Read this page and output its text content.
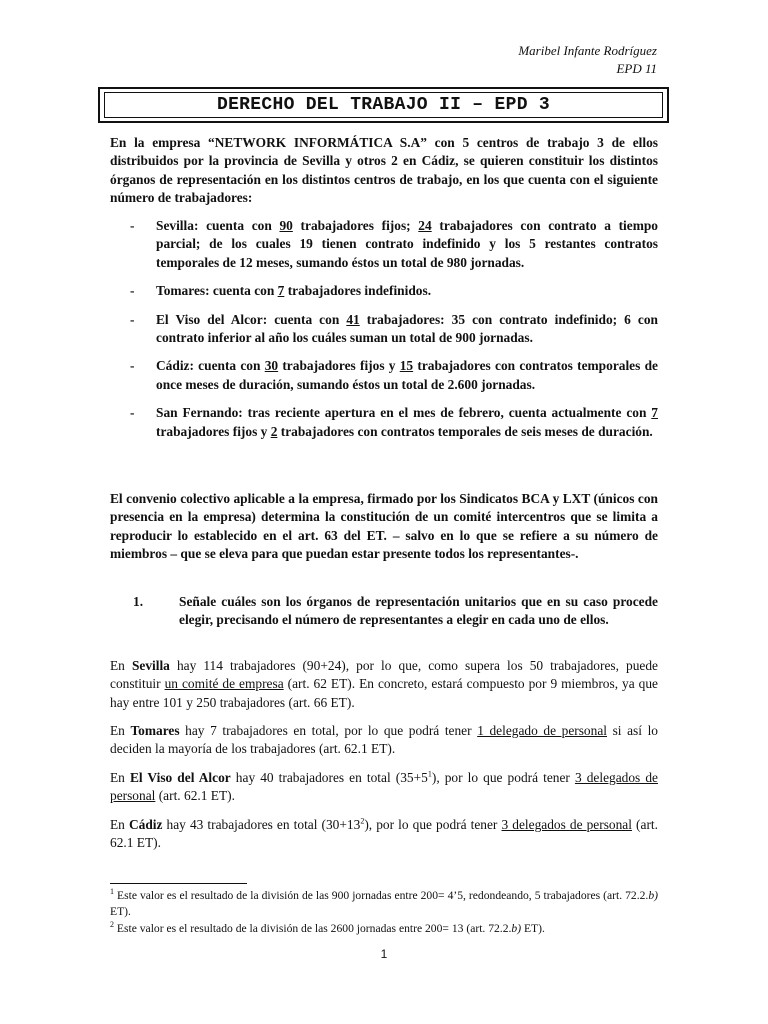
Maribel Infante Rodríguez
EPD 11
DERECHO DEL TRABAJO II – EPD 3
En la empresa “NETWORK INFORMÁTICA S.A” con 5 centros de trabajo 3 de ellos distribuidos por la provincia de Sevilla y otros 2 en Cádiz, se quieren constituir los distintos órganos de representación en los distintos centros de trabajo, en los que cuenta con el siguiente número de trabajadores:
- Sevilla: cuenta con 90 trabajadores fijos; 24 trabajadores con contrato a tiempo parcial; de los cuales 19 tienen contrato indefinido y los 5 restantes contratos temporales de 12 meses, sumando éstos un total de 980 jornadas.
- Tomares: cuenta con 7 trabajadores indefinidos.
- El Viso del Alcor: cuenta con 41 trabajadores: 35 con contrato indefinido; 6 con contrato inferior al año los cuáles suman un total de 900 jornadas.
- Cádiz: cuenta con 30 trabajadores fijos y 15 trabajadores con contratos temporales de once meses de duración, sumando éstos un total de 2.600 jornadas.
- San Fernando: tras reciente apertura en el mes de febrero, cuenta actualmente con 7 trabajadores fijos y 2 trabajadores con contratos temporales de seis meses de duración.
El convenio colectivo aplicable a la empresa, firmado por los Sindicatos BCA y LXT (únicos con presencia en la empresa) determina la constitución de un comité intercentros que se limita a reproducir lo establecido en el art. 63 del ET. – salvo en lo que se refiere a su número de miembros – que se eleva para que puedan estar presente todos los representantes-.
1.	Señale cuáles son los órganos de representación unitarios que en su caso procede elegir, precisando el número de representantes a elegir en cada uno de ellos.
En Sevilla hay 114 trabajadores (90+24), por lo que, como supera los 50 trabajadores, puede constituir un comité de empresa (art. 62 ET). En concreto, estará compuesto por 9 miembros, ya que hay entre 101 y 250 trabajadores (art. 66 ET).
En Tomares hay 7 trabajadores en total, por lo que podrá tener 1 delegado de personal si así lo deciden la mayoría de los trabajadores (art. 62.1 ET).
En El Viso del Alcor hay 40 trabajadores en total $(35+5^1)$, por lo que podrá tener 3 delegados de personal (art. 62.1 ET).
En Cádiz hay 43 trabajadores en total $(30+13^2)$, por lo que podrá tener 3 delegados de personal (art. 62.1 ET).
$^1$ Este valor es el resultado de la división de las 900 jornadas entre 200= 4’5, redondeando, 5 trabajadores (art. 72.2.b) ET).
$^2$ Este valor es el resultado de la división de las 2600 jornadas entre 200= 13 (art. 72.2.b) ET).
1
